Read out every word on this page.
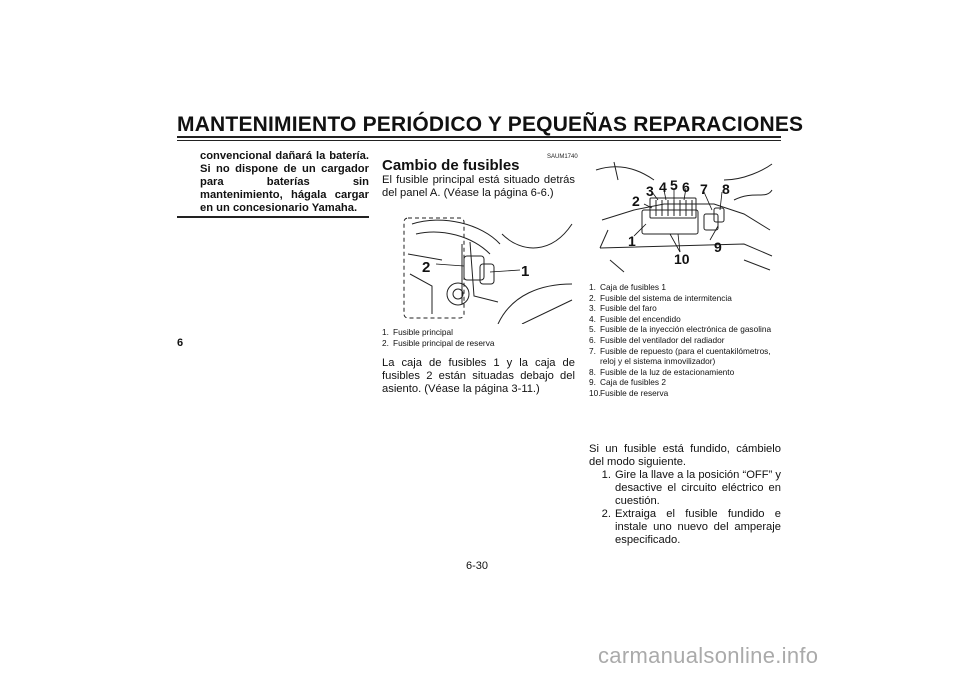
MANTENIMIENTO PERIÓDICO Y PEQUEÑAS REPARACIONES
6
convencional dañará la batería. Si no dispone de un cargador para baterías sin mantenimiento, hágala cargar en un concesionario Yamaha.
SAUM1740
Cambio de fusibles
El fusible principal está situado detrás del panel A. (Véase la página 6-6.)
2	1
1. Fusible principal
2. Fusible principal de reserva
La caja de fusibles 1 y la caja de fusibles 2 están situadas debajo del asiento. (Véase la página 3-11.)
1
2
3 4 5 6 7 8
9
10
1. Caja de fusibles 1
2. Fusible del sistema de intermitencia
3. Fusible del faro
4. Fusible del encendido
5. Fusible de la inyección electrónica de gasolina
6. Fusible del ventilador del radiador
7. Fusible de repuesto (para el cuentakilómetros, reloj y el sistema inmovilizador)
8. Fusible de la luz de estacionamiento
9. Caja de fusibles 2
10. Fusible de reserva
Si un fusible está fundido, cámbielo del modo siguiente.
1. Gire la llave a la posición “OFF” y desactive el circuito eléctrico en cuestión.
2. Extraiga el fusible fundido e instale uno nuevo del amperaje especificado.
6-30
carmanualsonline.info
